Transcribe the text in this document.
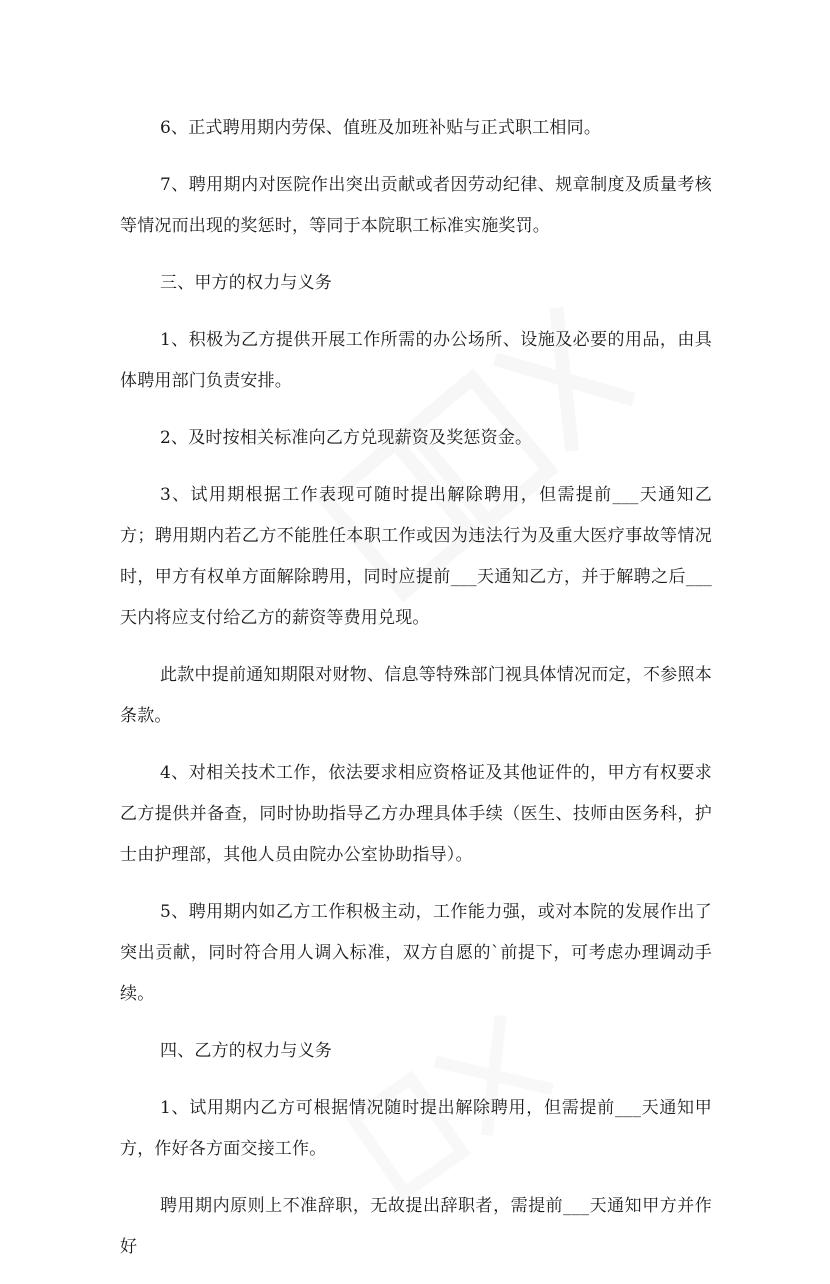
6、正式聘用期内劳保、值班及加班补贴与正式职工相同。

7、聘用期内对医院作出突出贡献或者因劳动纪律、规章制度及质量考核等情况而出现的奖惩时，等同于本院职工标准实施奖罚。

三、甲方的权力与义务

1、积极为乙方提供开展工作所需的办公场所、设施及必要的用品，由具体聘用部门负责安排。

2、及时按相关标准向乙方兑现薪资及奖惩资金。

3、试用期根据工作表现可随时提出解除聘用，但需提前___天通知乙方；聘用期内若乙方不能胜任本职工作或因为违法行为及重大医疗事故等情况时，甲方有权单方面解除聘用，同时应提前___天通知乙方，并于解聘之后___天内将应支付给乙方的薪资等费用兑现。

此款中提前通知期限对财物、信息等特殊部门视具体情况而定，不参照本条款。

4、对相关技术工作，依法要求相应资格证及其他证件的，甲方有权要求乙方提供并备查，同时协助指导乙方办理具体手续（医生、技师由医务科，护士由护理部，其他人员由院办公室协助指导）。

5、聘用期内如乙方工作积极主动，工作能力强，或对本院的发展作出了突出贡献，同时符合用人调入标准，双方自愿的`前提下，可考虑办理调动手续。

四、乙方的权力与义务

1、试用期内乙方可根据情况随时提出解除聘用，但需提前___天通知甲方，作好各方面交接工作。

聘用期内原则上不准辞职，无故提出辞职者，需提前___天通知甲方并作好
